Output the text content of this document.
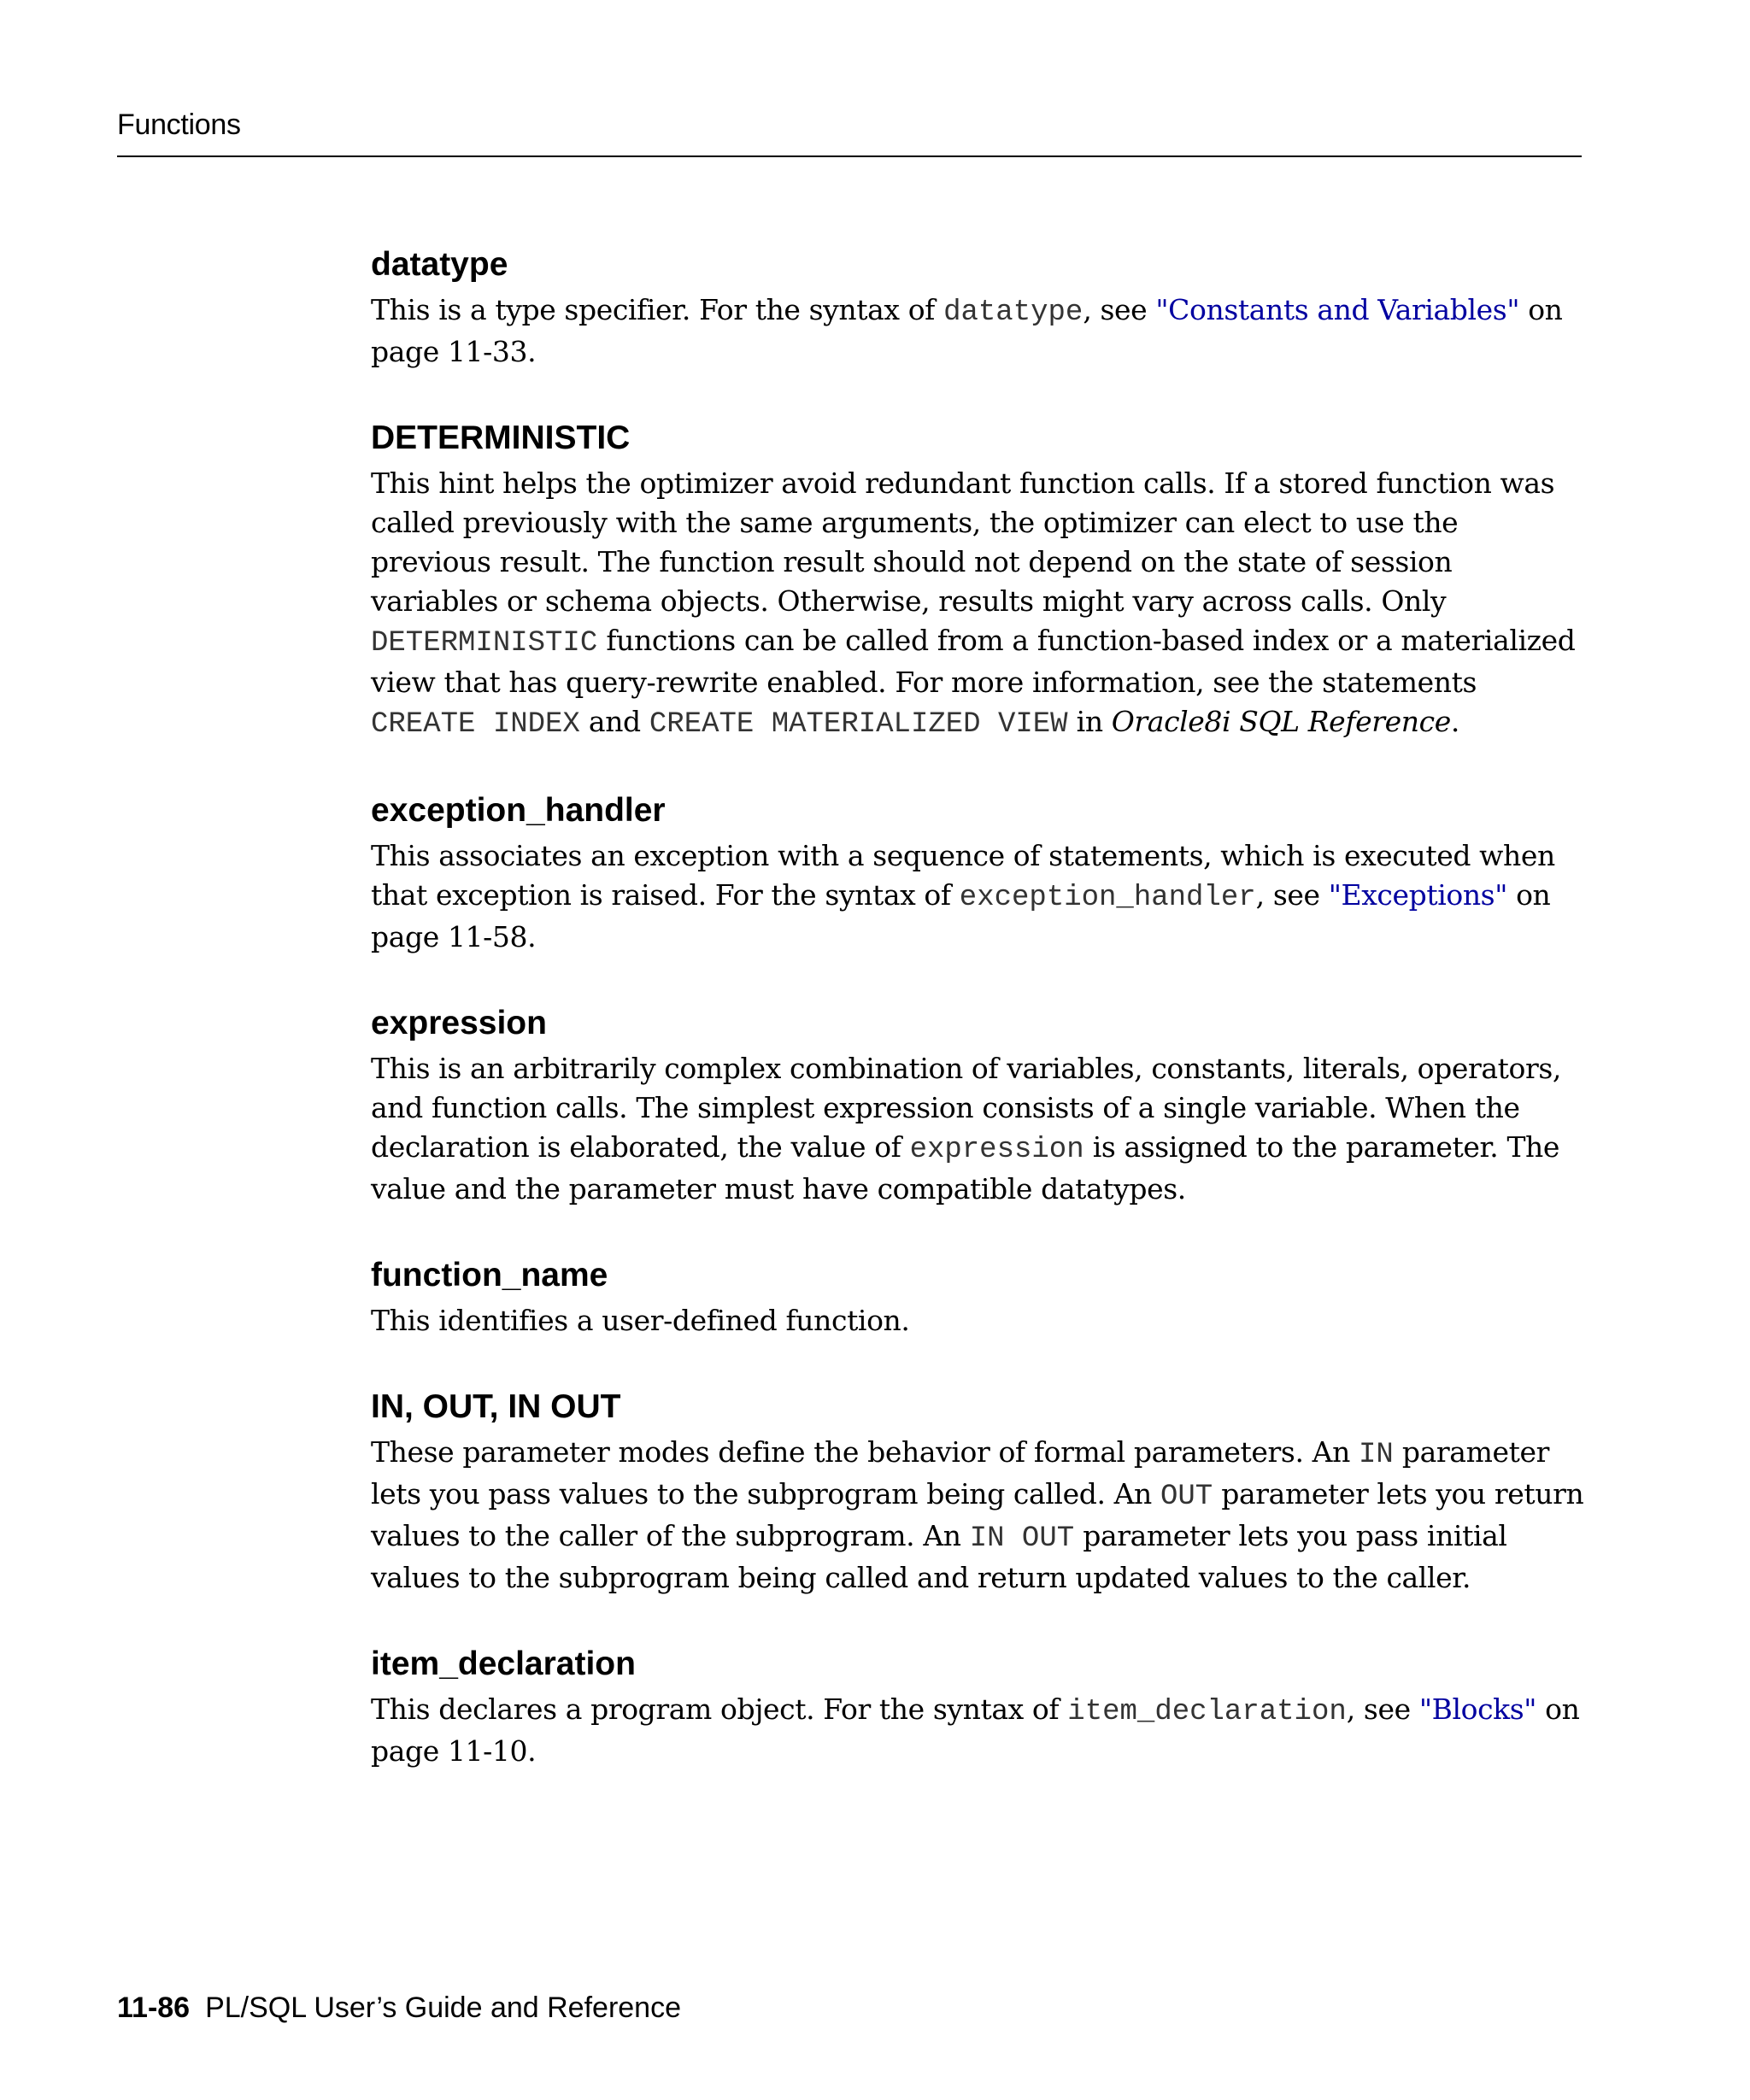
Functions
datatype

This is a type specifier. For the syntax of datatype, see "Constants and Variables" on page 11-33.

DETERMINISTIC

This hint helps the optimizer avoid redundant function calls. If a stored function was called previously with the same arguments, the optimizer can elect to use the previous result. The function result should not depend on the state of session variables or schema objects. Otherwise, results might vary across calls. Only DETERMINISTIC functions can be called from a function-based index or a materialized view that has query-rewrite enabled. For more information, see the statements CREATE INDEX and CREATE MATERIALIZED VIEW in Oracle8i SQL Reference.

exception_handler

This associates an exception with a sequence of statements, which is executed when that exception is raised. For the syntax of exception_handler, see "Exceptions" on page 11-58.

expression

This is an arbitrarily complex combination of variables, constants, literals, operators, and function calls. The simplest expression consists of a single variable. When the declaration is elaborated, the value of expression is assigned to the parameter. The value and the parameter must have compatible datatypes.

function_name

This identifies a user-defined function.

IN, OUT, IN OUT

These parameter modes define the behavior of formal parameters. An IN parameter lets you pass values to the subprogram being called. An OUT parameter lets you return values to the caller of the subprogram. An IN OUT parameter lets you pass initial values to the subprogram being called and return updated values to the caller.

item_declaration

This declares a program object. For the syntax of item_declaration, see "Blocks" on page 11-10.

11-86 PL/SQL User’s Guide and Reference
